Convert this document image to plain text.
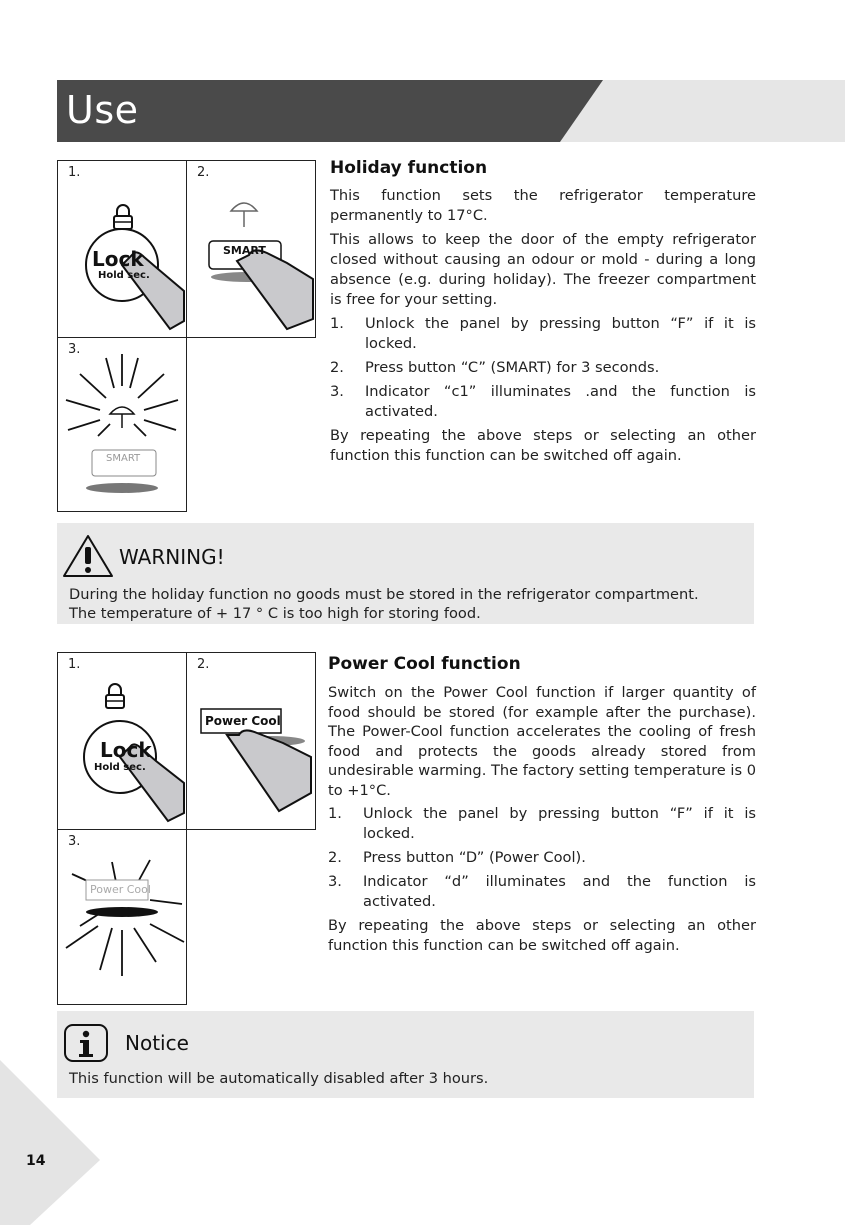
Use
1.
Lock
Hold sec.
2.
SMART
3.
SMART
Holiday function

This function sets the refrigerator temperature permanently to 17°C.

This allows to keep the door of the empty refrigerator closed without causing an odour or mold - during a long absence (e.g. during holiday). The freezer compartment is free for your setting.

1. Unlock the panel by pressing button “F” if it is locked.
2. Press button “C” (SMART) for 3 seconds.
3. Indicator “c1” illuminates .and the function is activated.

By repeating the above steps or selecting an other function this function can be switched off again.

WARNING!
During the holiday function no goods must be stored in the refrigerator compartment.
The temperature of + 17 ° C is too high for storing food.
1.
Lock
Hold sec.
2.
Power Cool
3.
Power Cool
Power Cool function

Switch on the Power Cool function if larger quantity of food should be stored (for example after the purchase). The Power-Cool function accelerates the cooling of fresh food and protects the goods already stored from undesirable warming. The factory setting temperature is 0 to +1°C.

1. Unlock the panel by pressing button “F” if it is locked.
2. Press button “D” (Power Cool).
3. Indicator “d” illuminates and the function is activated.

By repeating the above steps or selecting an other function this function can be switched off again.

Notice
This function will be automatically disabled after 3 hours.
14
